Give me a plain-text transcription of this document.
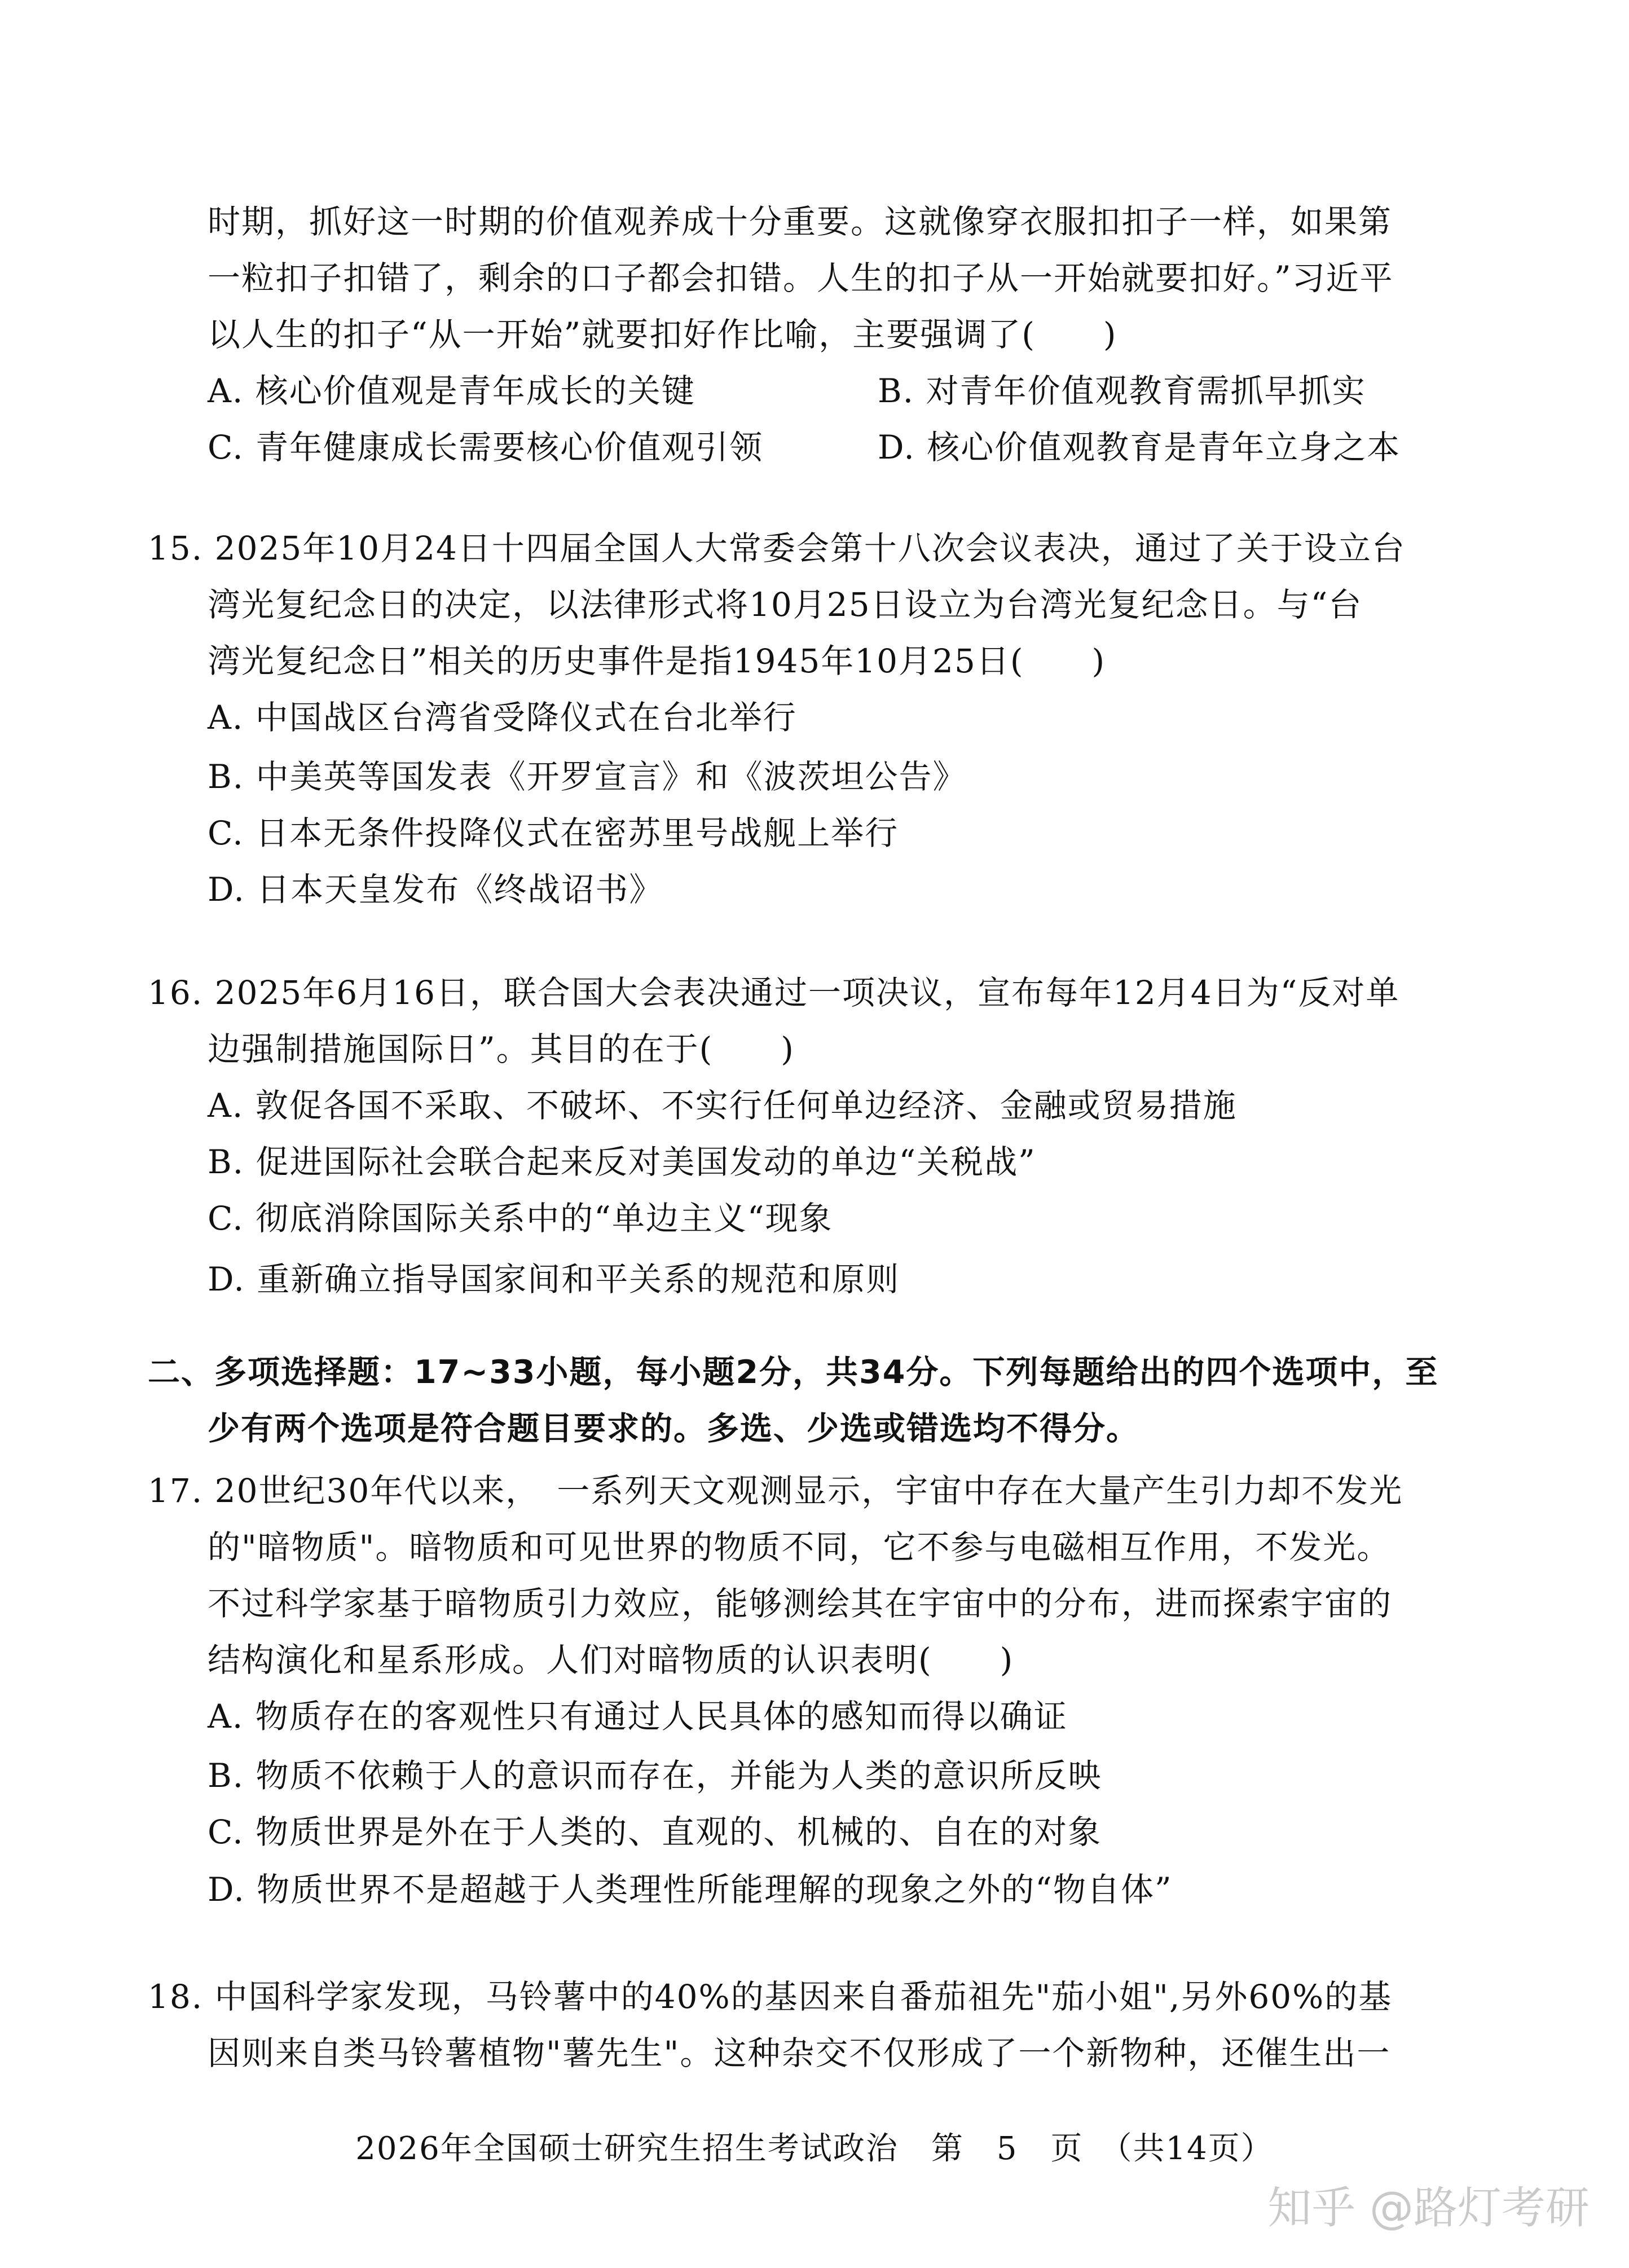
时期，抓好这一时期的价值观养成十分重要。这就像穿衣服扣扣子一样，如果第
一粒扣子扣错了，剩余的口子都会扣错。人生的扣子从一开始就要扣好。”习近平
以人生的扣子“从一开始”就要扣好作比喻，主要强调了(　　)
A. 核心价值观是青年成长的关键	B. 对青年价值观教育需抓早抓实
C. 青年健康成长需要核心价值观引领	D. 核心价值观教育是青年立身之本
15. 2025年10月24日十四届全国人大常委会第十八次会议表决，通过了关于设立台
湾光复纪念日的决定，以法律形式将10月25日设立为台湾光复纪念日。与“台
湾光复纪念日”相关的历史事件是指1945年10月25日(　　)
A. 中国战区台湾省受降仪式在台北举行
B. 中美英等国发表《开罗宣言》和《波茨坦公告》
C. 日本无条件投降仪式在密苏里号战舰上举行
D. 日本天皇发布《终战诏书》
16. 2025年6月16日，联合国大会表决通过一项决议，宣布每年12月4日为“反对单
边强制措施国际日”。其目的在于(　　)
A. 敦促各国不采取、不破坏、不实行任何单边经济、金融或贸易措施
B. 促进国际社会联合起来反对美国发动的单边“关税战”
C. 彻底消除国际关系中的“单边主义“现象
D. 重新确立指导国家间和平关系的规范和原则
二、多项选择题：17~33小题，每小题2分，共34分。下列每题给出的四个选项中，至
少有两个选项是符合题目要求的。多选、少选或错选均不得分。
17. 20世纪30年代以来，　一系列天文观测显示，宇宙中存在大量产生引力却不发光
的"暗物质"。暗物质和可见世界的物质不同，它不参与电磁相互作用，不发光。
不过科学家基于暗物质引力效应，能够测绘其在宇宙中的分布，进而探索宇宙的
结构演化和星系形成。人们对暗物质的认识表明(　　)
A. 物质存在的客观性只有通过人民具体的感知而得以确证
B. 物质不依赖于人的意识而存在，并能为人类的意识所反映
C. 物质世界是外在于人类的、直观的、机械的、自在的对象
D. 物质世界不是超越于人类理性所能理解的现象之外的“物自体”
18. 中国科学家发现，马铃薯中的40%的基因来自番茄祖先"茄小姐",另外60%的基
因则来自类马铃薯植物"薯先生"。这种杂交不仅形成了一个新物种，还催生出一
2026年全国硕士研究生招生考试政治　第　5　页　（共14页）
知乎 @路灯考研
